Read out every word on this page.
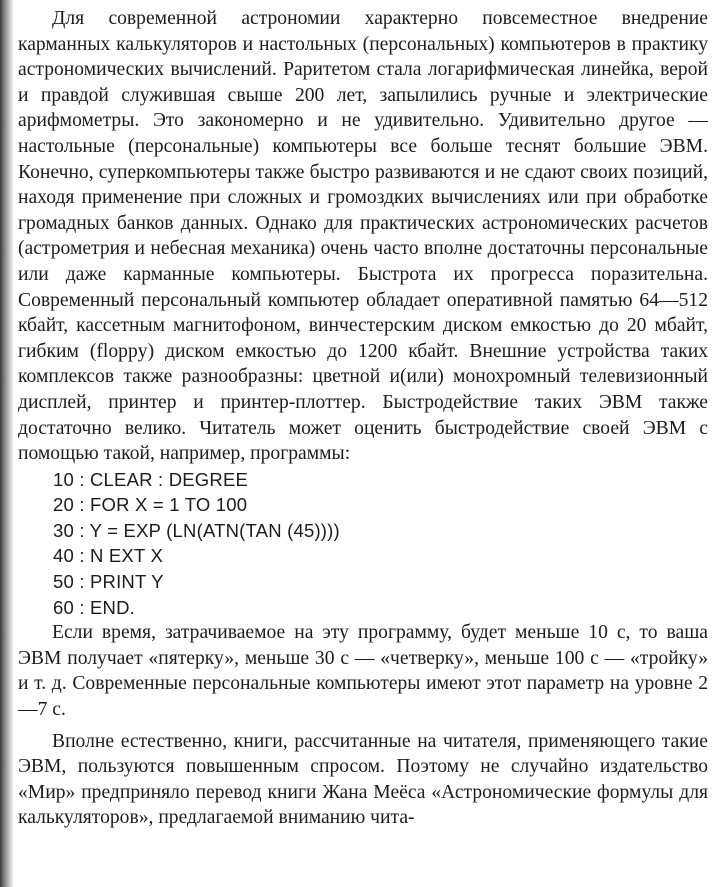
Для современной астрономии характерно повсеместное внедрение карманных калькуляторов и настольных (персональных) компьютеров в практику астрономических вычислений. Раритетом стала логарифмическая линейка, верой и правдой служившая свыше 200 лет, запылились ручные и электрические арифмометры. Это закономерно и не удивительно. Удивительно другое — настольные (персональные) компьютеры все больше теснят большие ЭВМ. Конечно, суперкомпьютеры также быстро развиваются и не сдают своих позиций, находя применение при сложных и громоздких вычислениях или при обработке громадных банков данных. Однако для практических астрономических расчетов (астрометрия и небесная механика) очень часто вполне достаточны персональные или даже карманные компьютеры. Быстрота их прогресса поразительна. Современный персональный компьютер обладает оперативной памятью 64—512 кбайт, кассетным магнитофоном, винчестерским диском емкостью до 20 мбайт, гибким (floppy) диском емкостью до 1200 кбайт. Внешние устройства таких комплексов также разнообразны: цветной и(или) монохромный телевизионный дисплей, принтер и принтер-плоттер. Быстродействие таких ЭВМ также достаточно велико. Читатель может оценить быстродействие своей ЭВМ с помощью такой, например, программы:

10 : CLEAR : DEGREE
20 : FOR X = 1 TO 100
30 : Y = EXP (LN(ATN(TAN (45))))
40 : N EXT X
50 : PRINT Y
60 : END.

Если время, затрачиваемое на эту программу, будет меньше 10 с, то ваша ЭВМ получает «пятерку», меньше 30 с — «четверку», меньше 100 с — «тройку» и т. д. Современные персональные компьютеры имеют этот параметр на уровне 2—7 с.

Вполне естественно, книги, рассчитанные на читателя, применяющего такие ЭВМ, пользуются повышенным спросом. Поэтому не случайно издательство «Мир» предприняло перевод книги Жана Меёса «Астрономические формулы для калькуляторов», предлагаемой вниманию чита-
